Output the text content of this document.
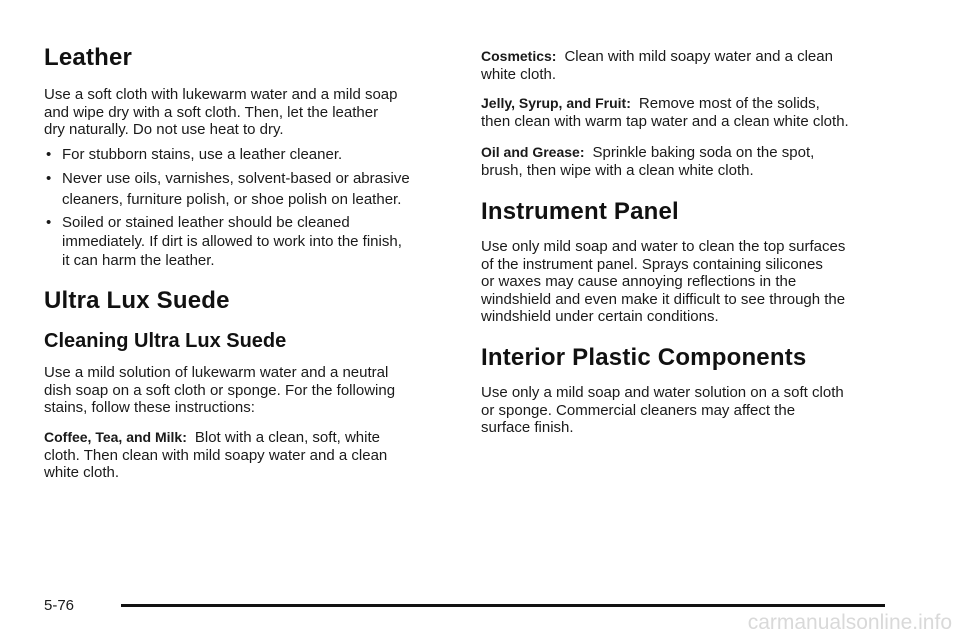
Leather

Use a soft cloth with lukewarm water and a mild soap
and wipe dry with a soft cloth. Then, let the leather
dry naturally. Do not use heat to dry.

• For stubborn stains, use a leather cleaner.
• Never use oils, varnishes, solvent-based or abrasive
cleaners, furniture polish, or shoe polish on leather.
• Soiled or stained leather should be cleaned
immediately. If dirt is allowed to work into the finish,
it can harm the leather.
Ultra Lux Suede
Cleaning Ultra Lux Suede

Use a mild solution of lukewarm water and a neutral
dish soap on a soft cloth or sponge. For the following
stains, follow these instructions:

Coffee, Tea, and Milk: Blot with a clean, soft, white
cloth. Then clean with mild soapy water and a clean
white cloth.

Cosmetics: Clean with mild soapy water and a clean
white cloth.

Jelly, Syrup, and Fruit: Remove most of the solids,
then clean with warm tap water and a clean white cloth.

Oil and Grease: Sprinkle baking soda on the spot,
brush, then wipe with a clean white cloth.

Instrument Panel

Use only mild soap and water to clean the top surfaces
of the instrument panel. Sprays containing silicones
or waxes may cause annoying reflections in the
windshield and even make it difficult to see through the
windshield under certain conditions.

Interior Plastic Components

Use only a mild soap and water solution on a soft cloth
or sponge. Commercial cleaners may affect the
surface finish.

5-76
carmanualsonline.info
